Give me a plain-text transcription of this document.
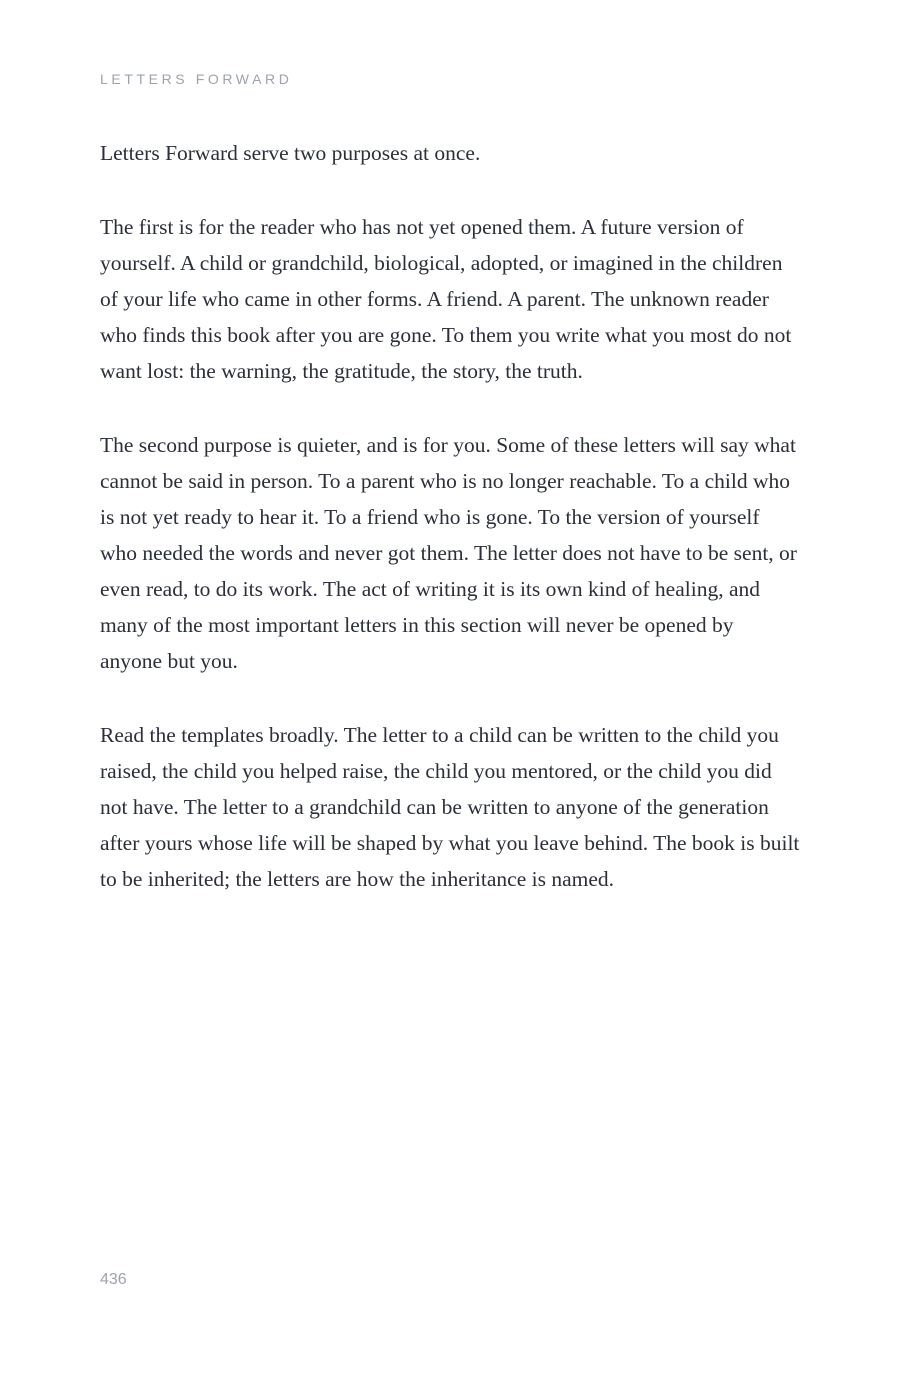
LETTERS FORWARD

Letters Forward serve two purposes at once.

The first is for the reader who has not yet opened them. A future version of yourself. A child or grandchild, biological, adopted, or imagined in the children of your life who came in other forms. A friend. A parent. The unknown reader who finds this book after you are gone. To them you write what you most do not want lost: the warning, the gratitude, the story, the truth.

The second purpose is quieter, and is for you. Some of these letters will say what cannot be said in person. To a parent who is no longer reachable. To a child who is not yet ready to hear it. To a friend who is gone. To the version of yourself who needed the words and never got them. The letter does not have to be sent, or even read, to do its work. The act of writing it is its own kind of healing, and many of the most important letters in this section will never be opened by anyone but you.

Read the templates broadly. The letter to a child can be written to the child you raised, the child you helped raise, the child you mentored, or the child you did not have. The letter to a grandchild can be written to anyone of the generation after yours whose life will be shaped by what you leave behind. The book is built to be inherited; the letters are how the inheritance is named.

436
